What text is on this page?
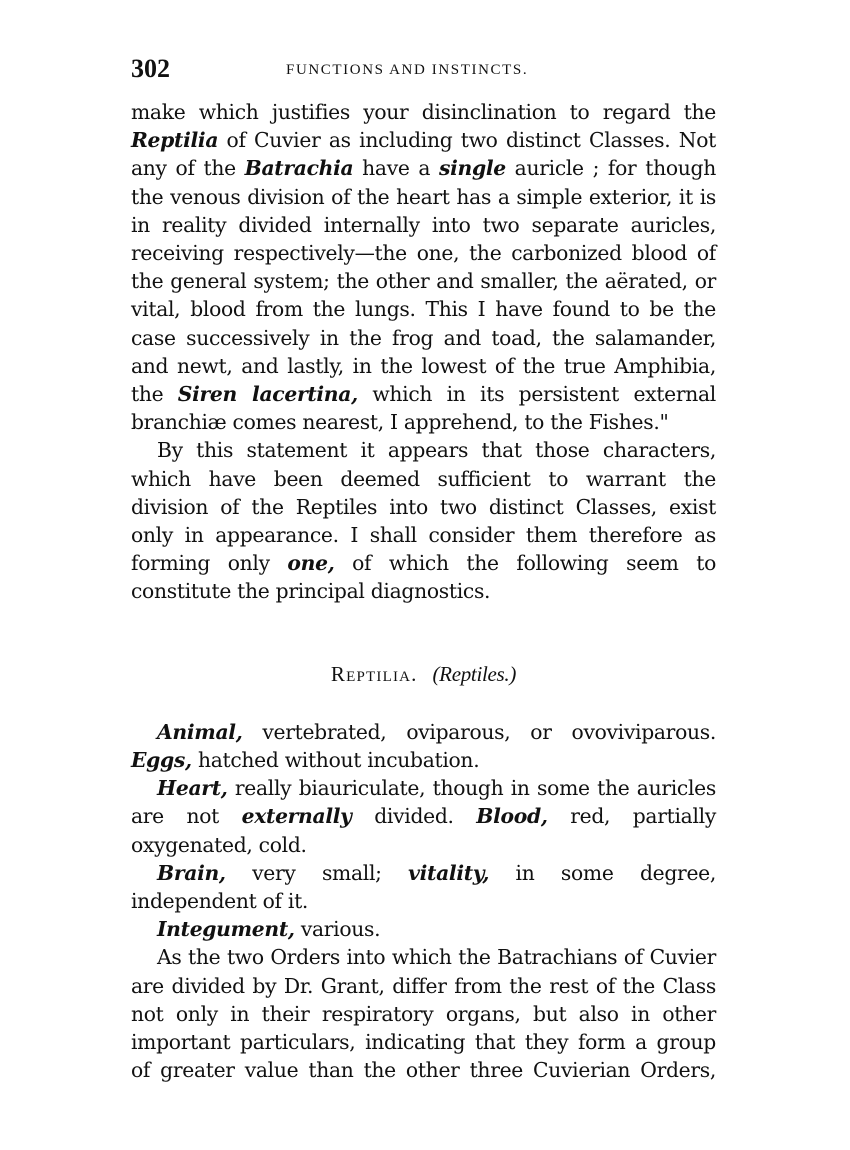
302	FUNCTIONS AND INSTINCTS.

make which justifies your disinclination to regard the Reptilia of Cuvier as including two distinct Classes. Not any of the Batrachia have a single auricle ; for though the venous division of the heart has a simple exterior, it is in reality divided internally into two separate auricles, receiving respectively—the one, the carbonized blood of the general system; the other and smaller, the aërated, or vital, blood from the lungs. This I have found to be the case successively in the frog and toad, the salamander, and newt, and lastly, in the lowest of the true Amphibia, the Siren lacertina, which in its persistent external branchiæ comes nearest, I apprehend, to the Fishes."

By this statement it appears that those characters, which have been deemed sufficient to warrant the division of the Reptiles into two distinct Classes, exist only in appearance. I shall consider them therefore as forming only one, of which the following seem to constitute the principal diagnostics.

Reptilia. (Reptiles.)

Animal, vertebrated, oviparous, or ovoviviparous. Eggs, hatched without incubation.

Heart, really biauriculate, though in some the auricles are not externally divided. Blood, red, partially oxygenated, cold.

Brain, very small; vitality, in some degree, independent of it.

Integument, various.

As the two Orders into which the Batrachians of Cuvier are divided by Dr. Grant, differ from the rest of the Class not only in their respiratory organs, but also in other important particulars, indicating that they form a group of greater value than the other three Cuvierian Orders,
